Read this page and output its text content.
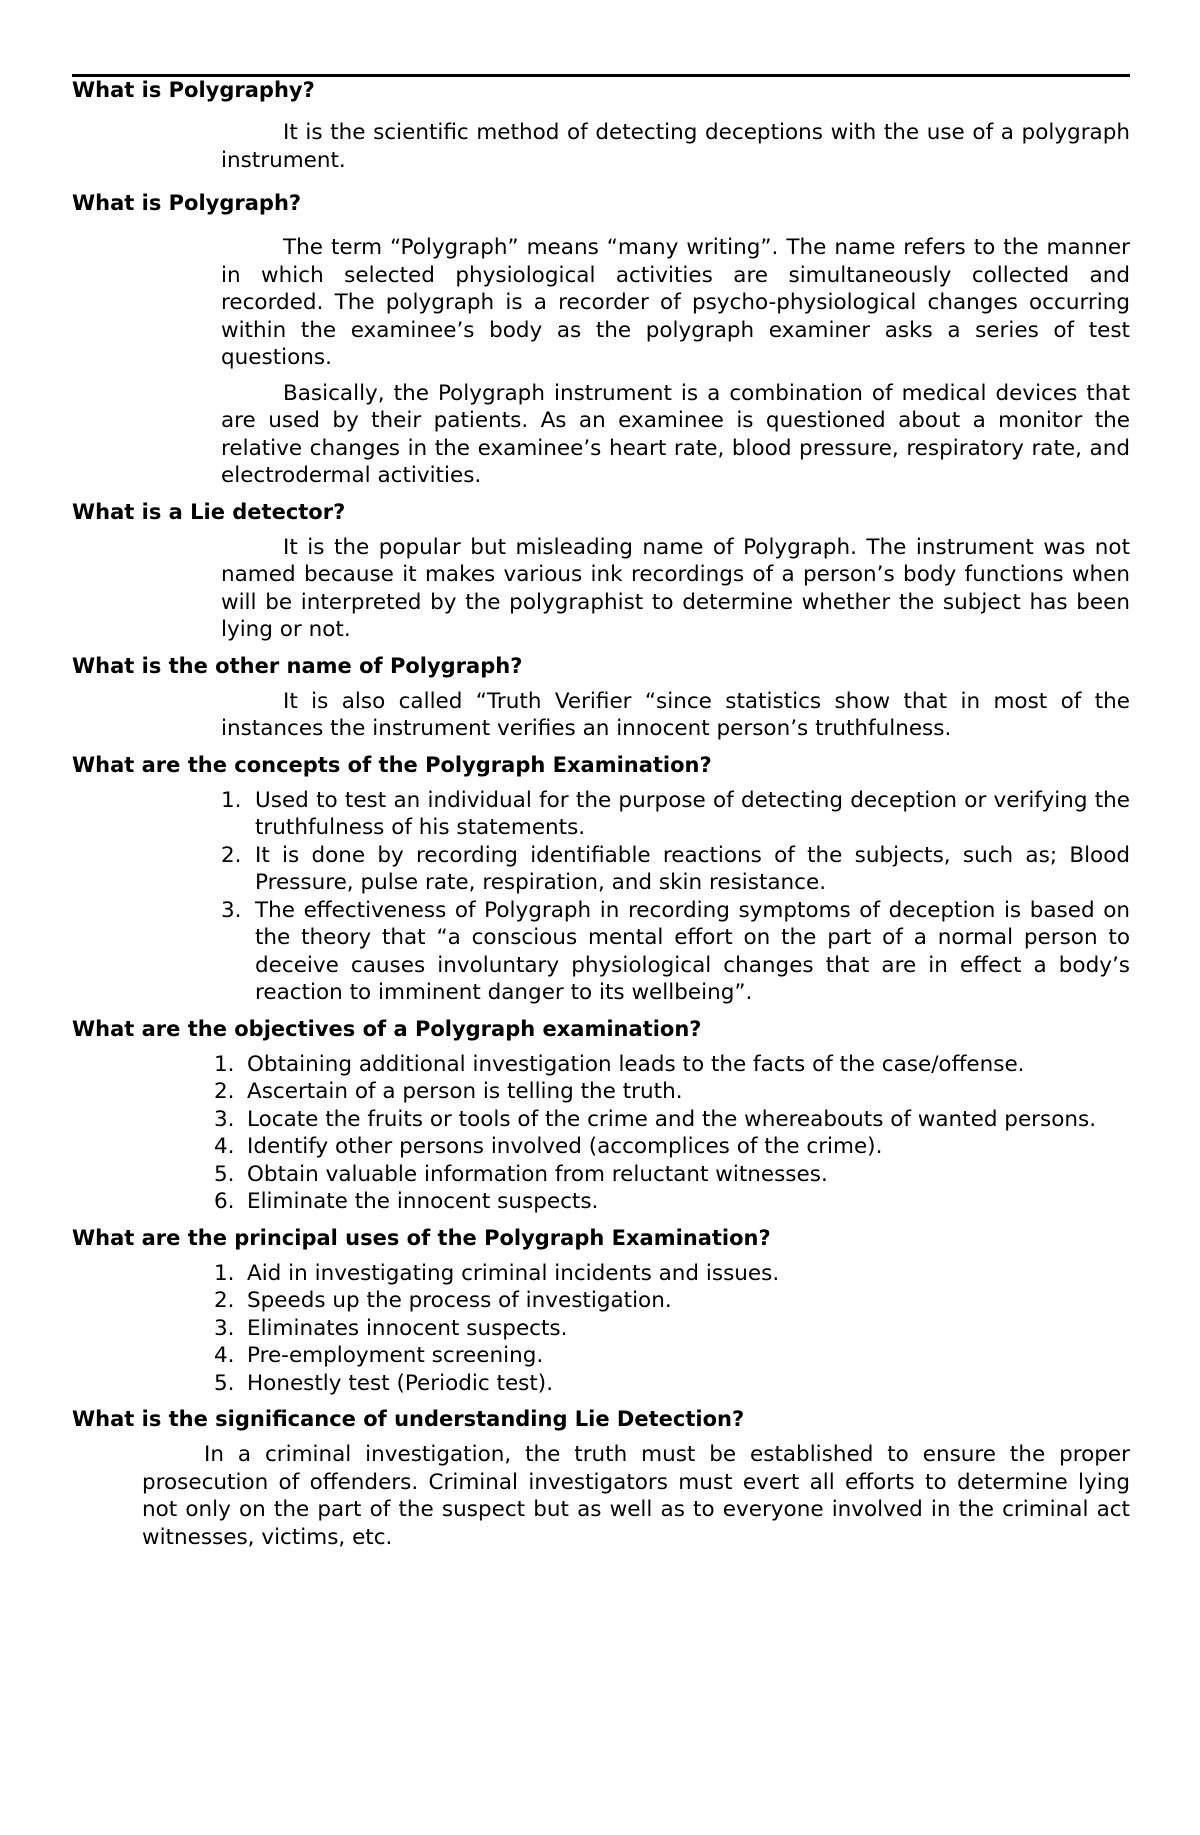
What is Polygraphy?

It is the scientific method of detecting deceptions with the use of a polygraph instrument.

What is Polygraph?

The term “Polygraph” means “many writing”. The name refers to the manner in which selected physiological activities are simultaneously collected and recorded. The polygraph is a recorder of psycho-physiological changes occurring within the examinee’s body as the polygraph examiner asks a series of test questions.

Basically, the Polygraph instrument is a combination of medical devices that are used by their patients. As an examinee is questioned about a monitor the relative changes in the examinee’s heart rate, blood pressure, respiratory rate, and electrodermal activities.

What is a Lie detector?

It is the popular but misleading name of Polygraph. The instrument was not named because it makes various ink recordings of a person’s body functions when will be interpreted by the polygraphist to determine whether the subject has been lying or not.

What is the other name of Polygraph?

It is also called “Truth Verifier “since statistics show that in most of the instances the instrument verifies an innocent person’s truthfulness.

What are the concepts of the Polygraph Examination?

1. Used to test an individual for the purpose of detecting deception or verifying the truthfulness of his statements.
2. It is done by recording identifiable reactions of the subjects, such as; Blood Pressure, pulse rate, respiration, and skin resistance.
3. The effectiveness of Polygraph in recording symptoms of deception is based on the theory that “a conscious mental effort on the part of a normal person to deceive causes involuntary physiological changes that are in effect a body’s reaction to imminent danger to its wellbeing”.

What are the objectives of a Polygraph examination?

1. Obtaining additional investigation leads to the facts of the case/offense.
2. Ascertain of a person is telling the truth.
3. Locate the fruits or tools of the crime and the whereabouts of wanted persons.
4. Identify other persons involved (accomplices of the crime).
5. Obtain valuable information from reluctant witnesses.
6. Eliminate the innocent suspects.

What are the principal uses of the Polygraph Examination?

1. Aid in investigating criminal incidents and issues.
2. Speeds up the process of investigation.
3. Eliminates innocent suspects.
4. Pre-employment screening.
5. Honestly test (Periodic test).

What is the significance of understanding Lie Detection?

In a criminal investigation, the truth must be established to ensure the proper prosecution of offenders. Criminal investigators must evert all efforts to determine lying not only on the part of the suspect but as well as to everyone involved in the criminal act witnesses, victims, etc.
